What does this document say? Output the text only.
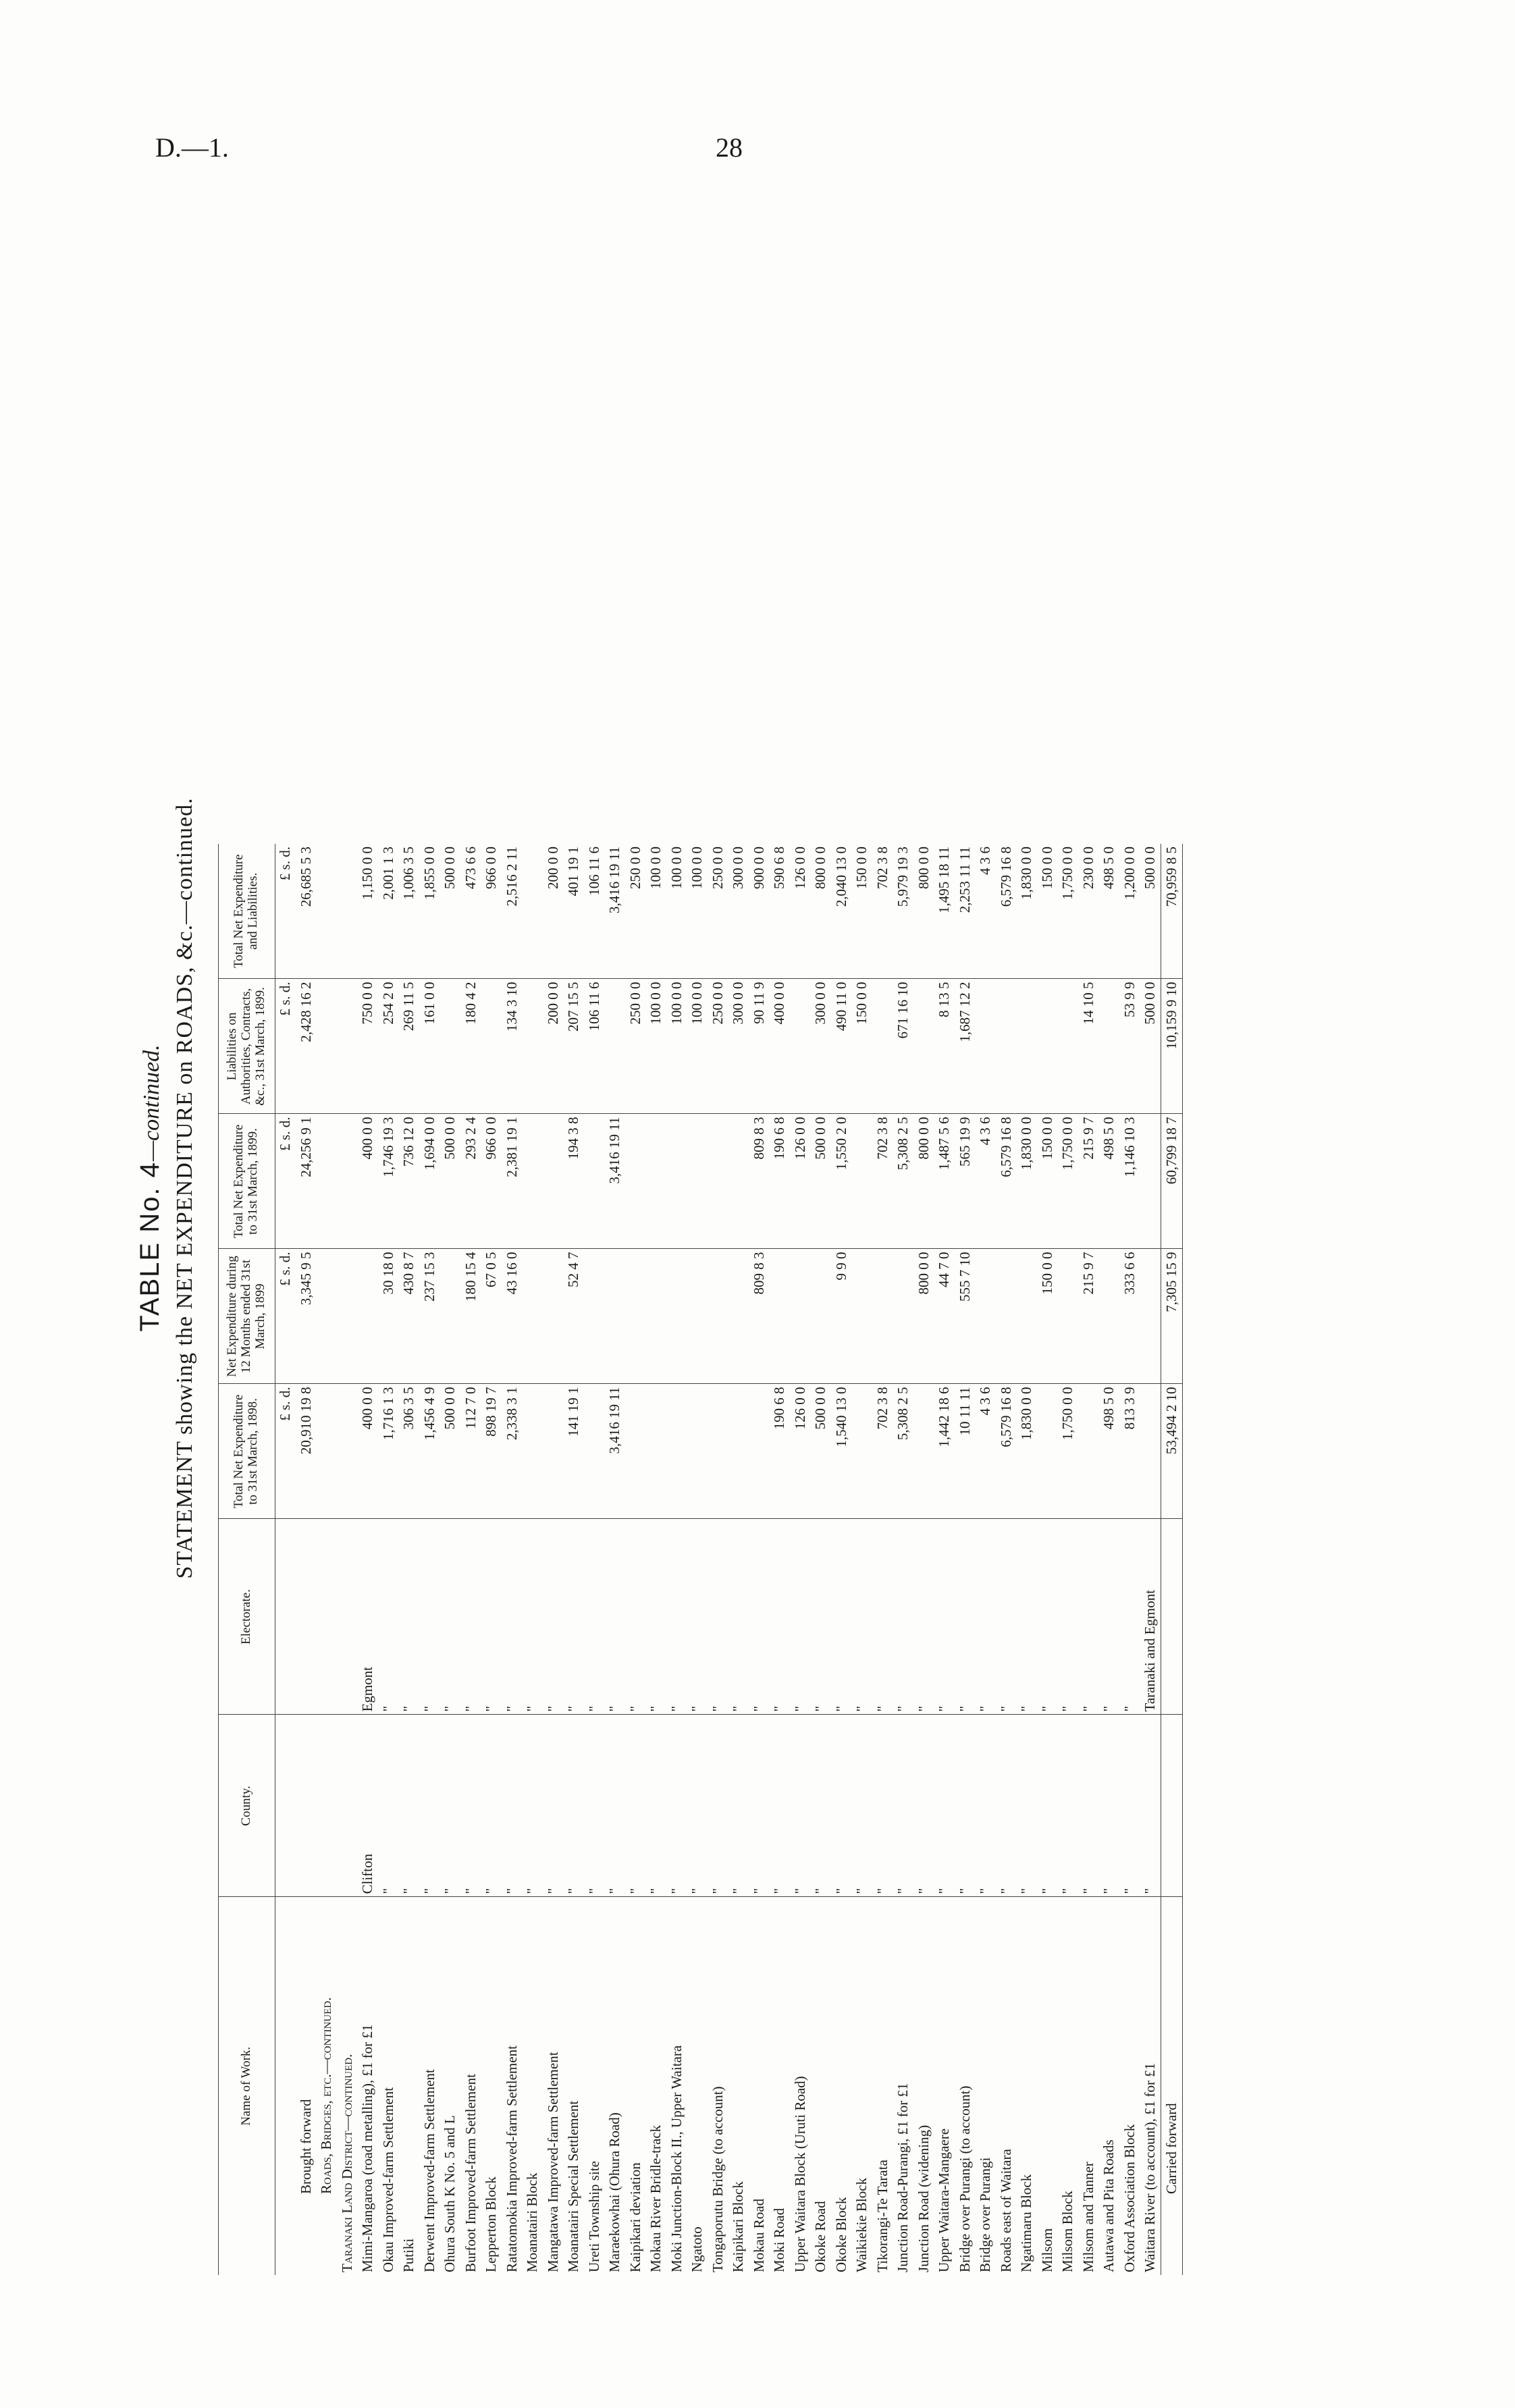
D.—1.	28
TABLE No. 4—continued. STATEMENT showing the NET EXPENDITURE on ROADS, &c.—continued.
Name of Work.	County.	Electorate.	Total Net Expenditure to 31st March, 1898.	Net Expenditure during 12 Months ended 31st March, 1899	Total Net Expenditure to 31st March, 1899.	Liabilities on Authorities, Contracts, &c., 31st March, 1899.	Total Net Expenditure and Liabilities.
			£ s. d.	£ s. d.	£ s. d.	£ s. d.	£ s. d.
Brought forward			20,910 19 8	3,345 9 5	24,256 9 1	2,428 16 2	26,685 5 3
Roads, Bridges, etc.—continued.							
Taranaki Land District—continued.							
Mimi-Mangaroa (road metalling), £1 for £1	Clifton	Egmont	400 0 0		400 0 0	750 0 0	1,150 0 0
Okau Improved-farm Settlement	"	"	1,716 1 3	30 18 0	1,746 19 3	254 2 0	2,001 1 3
Putiki	"	"	306 3 5	430 8 7	736 12 0	269 11 5	1,006 3 5
Derwent Improved-farm Settlement	"	"	1,456 4 9	237 15 3	1,694 0 0	161 0 0	1,855 0 0
Ohura South K No. 5 and L	"	"	500 0 0		500 0 0		500 0 0
Burfoot Improved-farm Settlement	"	"	112 7 0	180 15 4	293 2 4	180 4 2	473 6 6
Lepperton Block	"	"	898 19 7	67 0 5	966 0 0		966 0 0
Ratatomokia Improved-farm Settlement	"	"	2,338 3 1	43 16 0	2,381 19 1	134 3 10	2,516 2 11
Moanatairi Block	"	"					
Mangatawa Improved-farm Settlement	"	"				200 0 0	200 0 0
Moanatairi Special Settlement	"	"	141 19 1	52 4 7	194 3 8	207 15 5	401 19 1
Ureti Township site	"	"				106 11 6	106 11 6
Maraekowhai (Ohura Road)	"	"	3,416 19 11		3,416 19 11		3,416 19 11
Kaipikari deviation	"	"				250 0 0	250 0 0
Mokau River Bridle-track	"	"				100 0 0	100 0 0
Moki Junction-Block II., Upper Waitara	"	"				100 0 0	100 0 0
Ngatoto	"	"				100 0 0	100 0 0
Tongaporutu Bridge (to account)	"	"				250 0 0	250 0 0
Kaipikari Block	"	"				300 0 0	300 0 0
Mokau Road	"	"		809 8 3	809 8 3	90 11 9	900 0 0
Moki Road	"	"	190 6 8		190 6 8	400 0 0	590 6 8
Upper Waitara Block (Uruti Road)	"	"	126 0 0		126 0 0		126 0 0
Okoke Road	"	"	500 0 0		500 0 0	300 0 0	800 0 0
Okoke Block	"	"	1,540 13 0	9 9 0	1,550 2 0	490 11 0	2,040 13 0
Waikiekie Block	"	"				150 0 0	150 0 0
Tikorangi-Te Tarata	"	"	702 3 8		702 3 8		702 3 8
Junction Road-Purangi, £1 for £1	"	"	5,308 2 5		5,308 2 5	671 16 10	5,979 19 3
Junction Road (widening)	"	"		800 0 0	800 0 0		800 0 0
Upper Waitara-Mangaere	"	"	1,442 18 6	44 7 0	1,487 5 6	8 13 5	1,495 18 11
Bridge over Purangi (to account)	"	"	10 11 11	555 7 10	565 19 9	1,687 12 2	2,253 11 11
Bridge over Purangi	"	"	4 3 6		4 3 6		4 3 6
Roads east of Waitara	"	"	6,579 16 8		6,579 16 8		6,579 16 8
Ngatimaru Block	"	"	1,830 0 0		1,830 0 0		1,830 0 0
Milsom	"	"		150 0 0	150 0 0		150 0 0
Milsom Block	"	"	1,750 0 0		1,750 0 0		1,750 0 0
Milsom and Tanner	"	"		215 9 7	215 9 7	14 10 5	230 0 0
Autawa and Pita Roads	"	"	498 5 0		498 5 0		498 5 0
Oxford Association Block	"	"	813 3 9	333 6 6	1,146 10 3	53 9 9	1,200 0 0
Waitara River (to account), £1 for £1	"	Taranaki and Egmont				500 0 0	500 0 0
Carried forward			53,494 2 10	7,305 15 9	60,799 18 7	10,159 9 10	70,959 8 5
